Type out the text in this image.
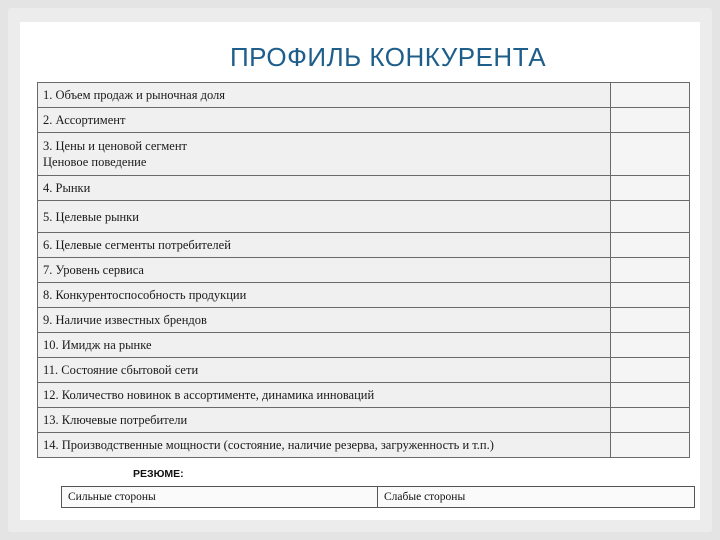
ПРОФИЛЬ КОНКУРЕНТА
1. Объем продаж и рыночная доля	
2. Ассортимент	

3. Цены и ценовой сегмент
Ценовое поведение	

4. Рынки	
5. Целевые рынки	
6. Целевые сегменты потребителей	
7. Уровень сервиса	
8. Конкурентоспособность продукции	
9. Наличие известных брендов	
10. Имидж на рынке	
11. Состояние сбытовой сети	
12. Количество новинок в ассортименте, динамика инноваций	
13. Ключевые потребители	
14. Производственные мощности (состояние, наличие резерва, загруженность и т.п.)	
РЕЗЮМЕ:
Сильные стороны	Слабые стороны
